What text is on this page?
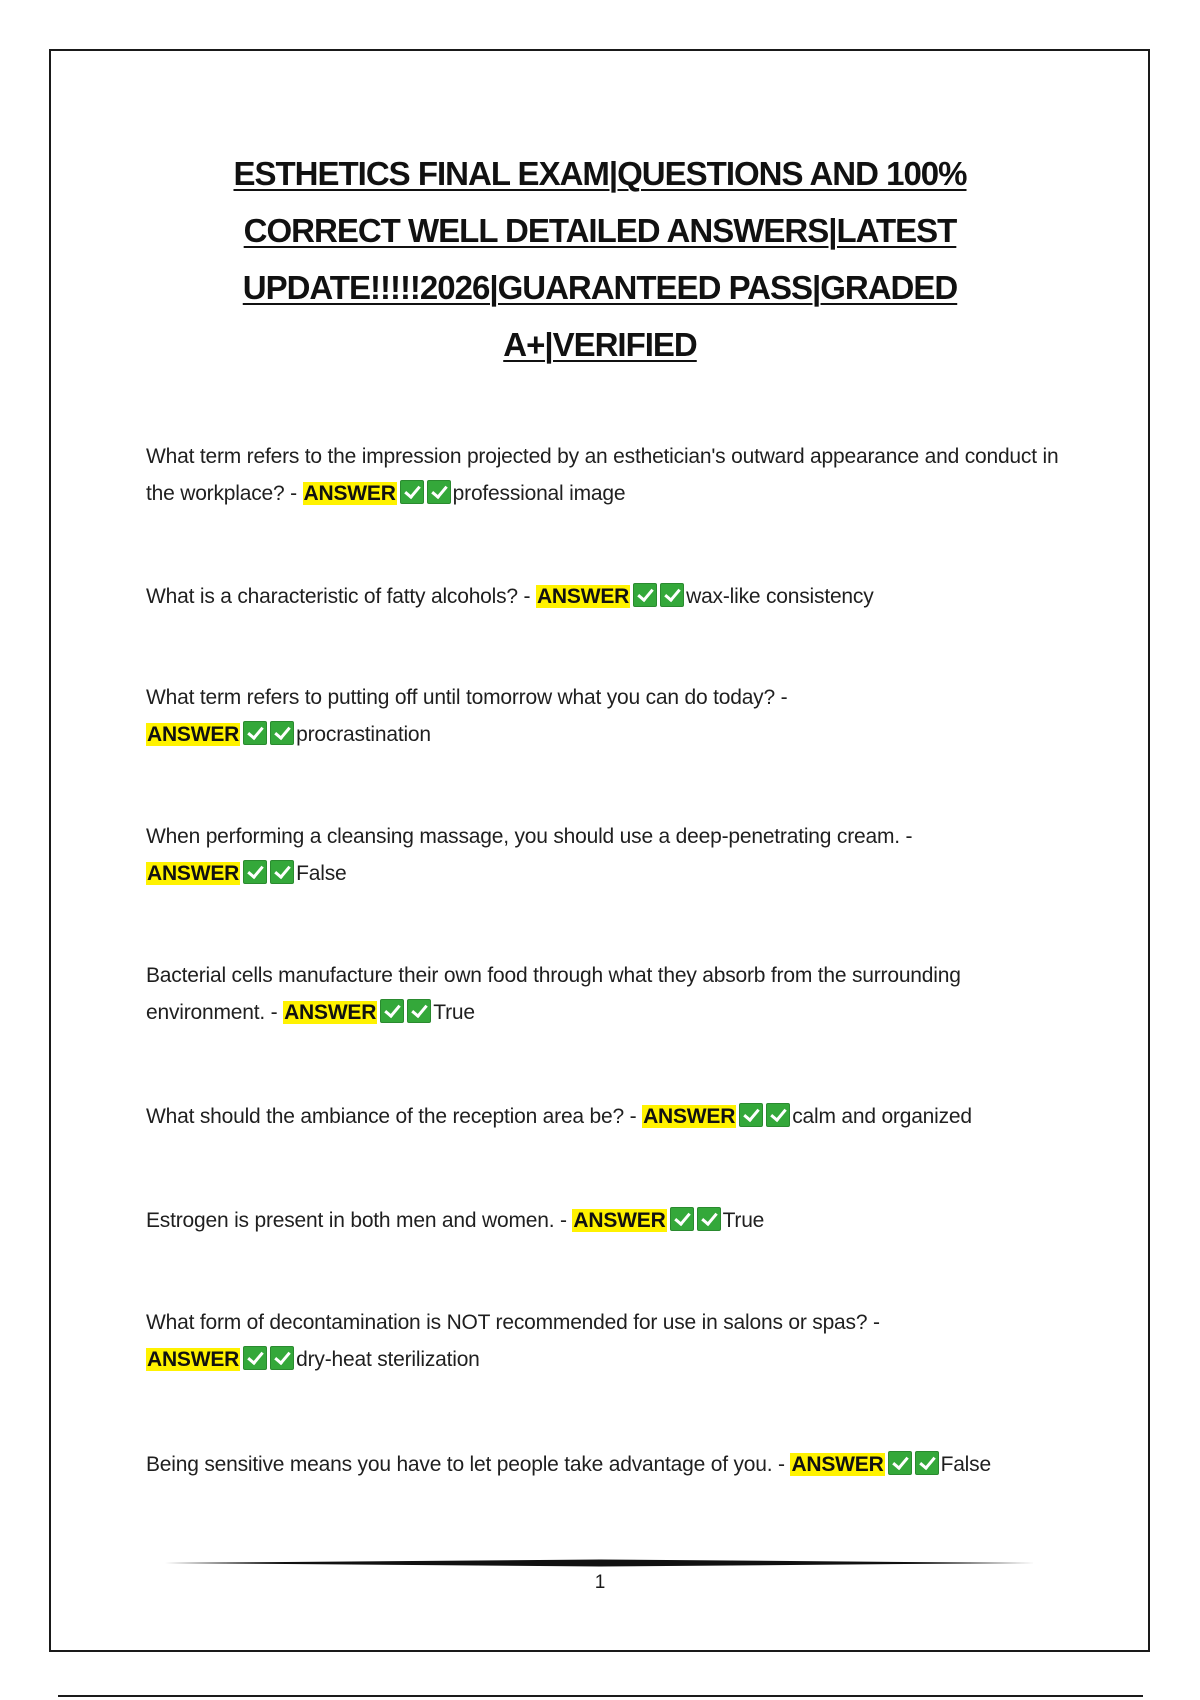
ESTHETICS FINAL EXAM|QUESTIONS AND 100%
CORRECT WELL DETAILED ANSWERS|LATEST
UPDATE!!!!!2026|GUARANTEED PASS|GRADED
A+|VERIFIED

What term refers to the impression projected by an esthetician's outward appearance and conduct in the workplace? - ANSWER	professional image

What is a characteristic of fatty alcohols? - ANSWER	wax-like consistency

What term refers to putting off until tomorrow what you can do today? -
ANSWER	procrastination

When performing a cleansing massage, you should use a deep-penetrating cream. -
ANSWER	False

Bacterial cells manufacture their own food through what they absorb from the surrounding environment. - ANSWER	True

What should the ambiance of the reception area be? - ANSWER	calm and organized

Estrogen is present in both men and women. - ANSWER	True

What form of decontamination is NOT recommended for use in salons or spas? -
ANSWER	dry-heat sterilization

Being sensitive means you have to let people take advantage of you. - ANSWER	False

1
